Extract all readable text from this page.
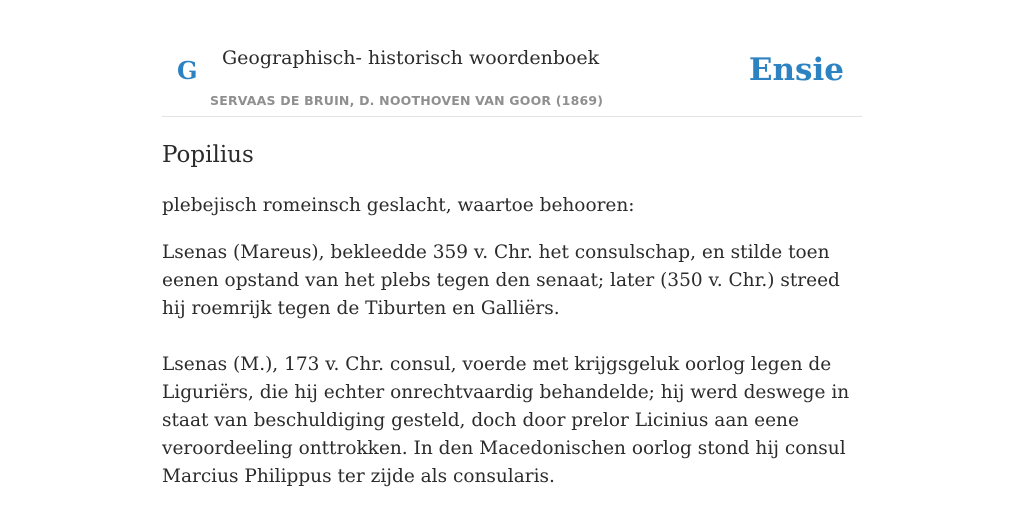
G Geographisch- historisch woordenboek
SERVAAS DE BRUIN, D. NOOTHOVEN VAN GOOR (1869)
Ensie
Popilius

plebejisch romeinsch geslacht, waartoe behooren:

Lsenas (Mareus), bekleedde 359 v. Chr. het consulschap, en stilde toen eenen opstand van het plebs tegen den senaat; later (350 v. Chr.) streed hij roemrijk tegen de Tiburten en Galliërs.

Lsenas (M.), 173 v. Chr. consul, voerde met krijgsgeluk oorlog legen de Liguriërs, die hij echter onrechtvaardig behandelde; hij werd deswege in staat van beschuldiging gesteld, doch door prelor Licinius aan eene veroordeeling onttrokken. In den Macedonischen oorlog stond hij consul Marcius Philippus ter zijde als consularis.
